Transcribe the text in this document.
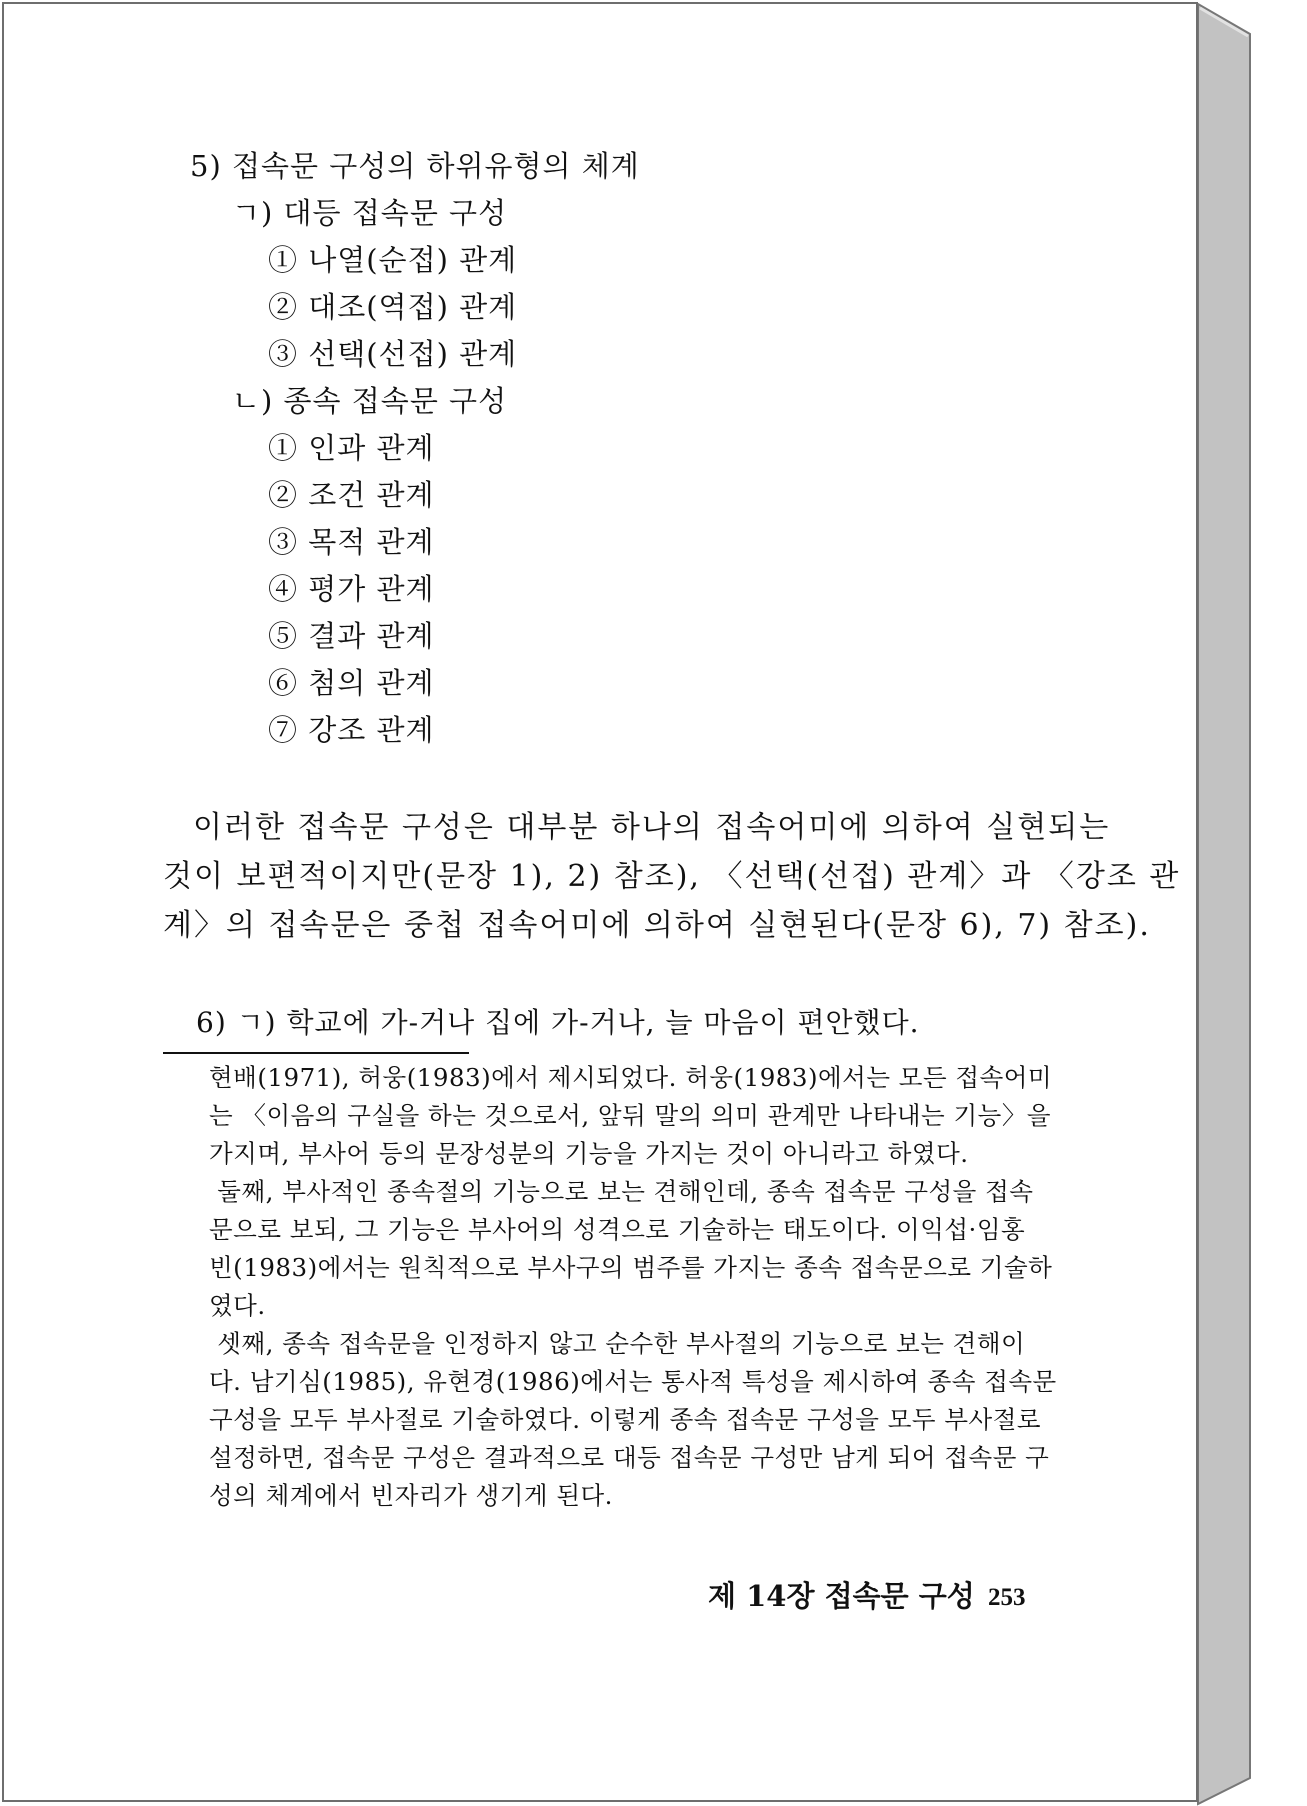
5) 접속문 구성의 하위유형의 체계
ㄱ) 대등 접속문 구성
① 나열(순접) 관계
② 대조(역접) 관계
③ 선택(선접) 관계
ㄴ) 종속 접속문 구성
① 인과 관계
② 조건 관계
③ 목적 관계
④ 평가 관계
⑤ 결과 관계
⑥ 첨의 관계
⑦ 강조 관계
이러한 접속문 구성은 대부분 하나의 접속어미에 의하여 실현되는
것이 보편적이지만(문장 1), 2) 참조), 〈선택(선접) 관계〉과 〈강조 관
계〉의 접속문은 중첩 접속어미에 의하여 실현된다(문장 6), 7) 참조).
6) ㄱ) 학교에 가-거나 집에 가-거나, 늘 마음이 편안했다.
현배(1971), 허웅(1983)에서 제시되었다. 허웅(1983)에서는 모든 접속어미
는 〈이음의 구실을 하는 것으로서, 앞뒤 말의 의미 관계만 나타내는 기능〉을
가지며, 부사어 등의 문장성분의 기능을 가지는 것이 아니라고 하였다.
둘째, 부사적인 종속절의 기능으로 보는 견해인데, 종속 접속문 구성을 접속
문으로 보되, 그 기능은 부사어의 성격으로 기술하는 태도이다. 이익섭·임홍
빈(1983)에서는 원칙적으로 부사구의 범주를 가지는 종속 접속문으로 기술하
였다.
셋째, 종속 접속문을 인정하지 않고 순수한 부사절의 기능으로 보는 견해이
다. 남기심(1985), 유현경(1986)에서는 통사적 특성을 제시하여 종속 접속문
구성을 모두 부사절로 기술하였다. 이렇게 종속 접속문 구성을 모두 부사절로
설정하면, 접속문 구성은 결과적으로 대등 접속문 구성만 남게 되어 접속문 구
성의 체계에서 빈자리가 생기게 된다.
제 14장 접속문 구성 253
